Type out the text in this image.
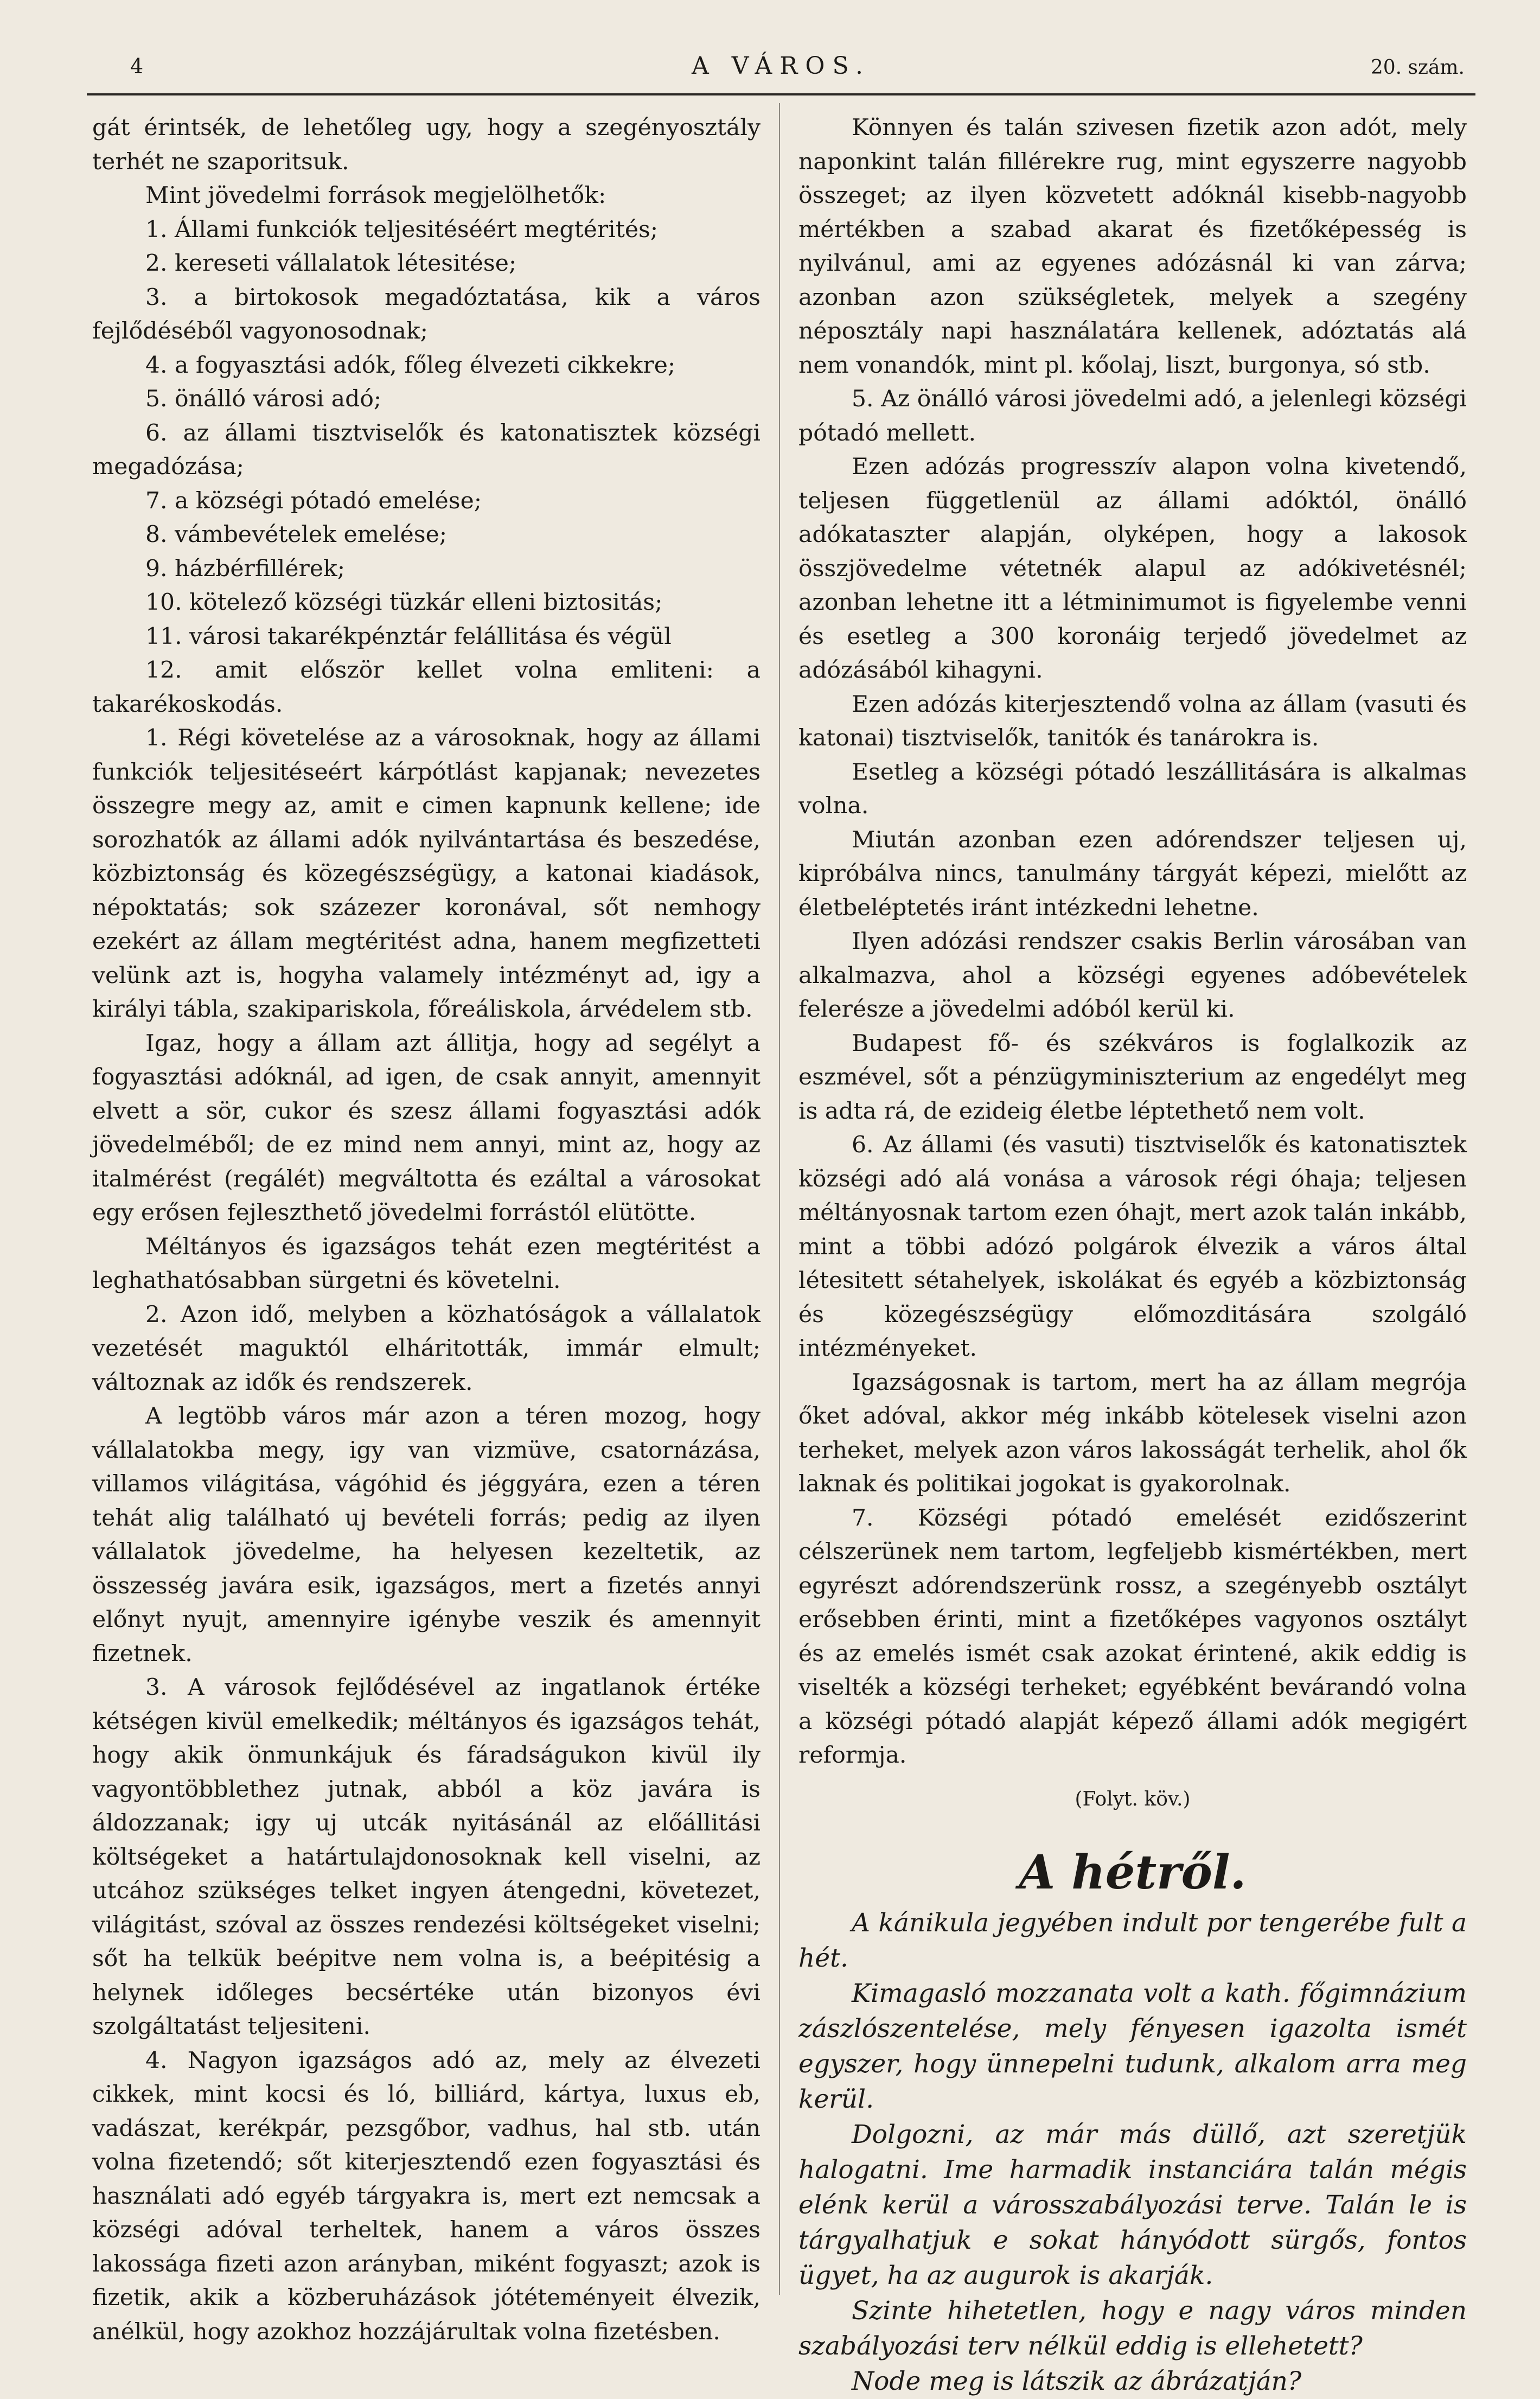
4	A VÁROS.	20. szám.

gát érintsék, de lehetőleg ugy, hogy a szegényosztály terhét ne szaporitsuk.

Mint jövedelmi források megjelölhetők:

1. Állami funkciók teljesitéséért megtérités;

2. kereseti vállalatok létesitése;

3. a birtokosok megadóztatása, kik a város fejlődéséből vagyonosodnak;

4. a fogyasztási adók, főleg élvezeti cikkekre;

5. önálló városi adó;

6. az állami tisztviselők és katonatisztek községi megadózása;

7. a községi pótadó emelése;

8. vámbevételek emelése;

9. házbérfillérek;

10. kötelező községi tüzkár elleni biztositás;

11. városi takarékpénztár felállitása és végül

12. amit először kellet volna emliteni: a takarékoskodás.

1. Régi követelése az a városoknak, hogy az állami funkciók teljesitéseért kárpótlást kapjanak; nevezetes összegre megy az, amit e cimen kapnunk kellene; ide sorozhatók az állami adók nyilvántartása és beszedése, közbiztonság és közegészségügy, a katonai kiadások, népoktatás; sok százezer koronával, sőt nemhogy ezekért az állam megtéritést adna, hanem megfizetteti velünk azt is, hogyha valamely intézményt ad, igy a királyi tábla, szakipariskola, főreáliskola, árvédelem stb.

Igaz, hogy a állam azt állitja, hogy ad segélyt a fogyasztási adóknál, ad igen, de csak annyit, amennyit elvett a sör, cukor és szesz állami fogyasztási adók jövedelméből; de ez mind nem annyi, mint az, hogy az italmérést (regálét) megváltotta és ezáltal a városokat egy erősen fejleszthető jövedelmi forrástól elütötte.

Méltányos és igazságos tehát ezen megtéritést a leghathatósabban sürgetni és követelni.

2. Azon idő, melyben a közhatóságok a vállalatok vezetését maguktól elháritották, immár elmult; változnak az idők és rendszerek.

A legtöbb város már azon a téren mozog, hogy vállalatokba megy, igy van vizmüve, csatornázása, villamos világitása, vágóhid és jéggyára, ezen a téren tehát alig található uj bevételi forrás; pedig az ilyen vállalatok jövedelme, ha helyesen kezeltetik, az összesség javára esik, igazságos, mert a fizetés annyi előnyt nyujt, amennyire igénybe veszik és amennyit fizetnek.

3. A városok fejlődésével az ingatlanok értéke kétségen kivül emelkedik; méltányos és igazságos tehát, hogy akik önmunkájuk és fáradságukon kivül ily vagyontöbblethez jutnak, abból a köz javára is áldozzanak; igy uj utcák nyitásánál az előállitási költségeket a határtulajdonosoknak kell viselni, az utcához szükséges telket ingyen átengedni, követezet, világitást, szóval az összes rendezési költségeket viselni; sőt ha telkük beépitve nem volna is, a beépitésig a helynek időleges becsértéke után bizonyos évi szolgáltatást teljesiteni.

4. Nagyon igazságos adó az, mely az élvezeti cikkek, mint kocsi és ló, billiárd, kártya, luxus eb, vadászat, kerékpár, pezsgőbor, vadhus, hal stb. után volna fizetendő; sőt kiterjesztendő ezen fogyasztási és használati adó egyéb tárgyakra is, mert ezt nemcsak a községi adóval terheltek, hanem a város összes lakossága fizeti azon arányban, miként fogyaszt; azok is fizetik, akik a közberuházások jótéteményeit élvezik, anélkül, hogy azokhoz hozzájárultak volna fizetésben.

Könnyen és talán szivesen fizetik azon adót, mely naponkint talán fillérekre rug, mint egyszerre nagyobb összeget; az ilyen közvetett adóknál kisebb-nagyobb mértékben a szabad akarat és fizetőképesség is nyilvánul, ami az egyenes adózásnál ki van zárva; azonban azon szükségletek, melyek a szegény néposztály napi használatára kellenek, adóztatás alá nem vonandók, mint pl. kőolaj, liszt, burgonya, só stb.

5. Az önálló városi jövedelmi adó, a jelenlegi községi pótadó mellett.

Ezen adózás progresszív alapon volna kivetendő, teljesen függetlenül az állami adóktól, önálló adókataszter alapján, olyképen, hogy a lakosok összjövedelme vétetnék alapul az adókivetésnél; azonban lehetne itt a létminimumot is figyelembe venni és esetleg a 300 koronáig terjedő jövedelmet az adózásából kihagyni.

Ezen adózás kiterjesztendő volna az állam (vasuti és katonai) tisztviselők, tanitók és tanárokra is.

Esetleg a községi pótadó leszállitására is alkalmas volna.

Miután azonban ezen adórendszer teljesen uj, kipróbálva nincs, tanulmány tárgyát képezi, mielőtt az életbeléptetés iránt intézkedni lehetne.

Ilyen adózási rendszer csakis Berlin városában van alkalmazva, ahol a községi egyenes adóbevételek felerésze a jövedelmi adóból kerül ki.

Budapest fő- és székváros is foglalkozik az eszmével, sőt a pénzügyminiszterium az engedélyt meg is adta rá, de ezideig életbe léptethető nem volt.

6. Az állami (és vasuti) tisztviselők és katonatisztek községi adó alá vonása a városok régi óhaja; teljesen méltányosnak tartom ezen óhajt, mert azok talán inkább, mint a többi adózó polgárok élvezik a város által létesitett sétahelyek, iskolákat és egyéb a közbiztonság és közegészségügy előmozditására szolgáló intézményeket.

Igazságosnak is tartom, mert ha az állam megrója őket adóval, akkor még inkább kötelesek viselni azon terheket, melyek azon város lakosságát terhelik, ahol ők laknak és politikai jogokat is gyakorolnak.

7. Községi pótadó emelését ezidőszerint célszerünek nem tartom, legfeljebb kismértékben, mert egyrészt adórendszerünk rossz, a szegényebb osztályt erősebben érinti, mint a fizetőképes vagyonos osztályt és az emelés ismét csak azokat érintené, akik eddig is viselték a községi terheket; egyébként bevárandó volna a községi pótadó alapját képező állami adók megigért reformja.

(Folyt. köv.)

A hétről.

A kánikula jegyében indult por tengerébe fult a hét.

Kimagasló mozzanata volt a kath. főgimnázium zászlószentelése, mely fényesen igazolta ismét egyszer, hogy ünnepelni tudunk, alkalom arra meg kerül.

Dolgozni, az már más düllő, azt szeretjük halogatni. Ime harmadik instanciára talán mégis elénk kerül a városszabályozási terve. Talán le is tárgyalhatjuk e sokat hányódott sürgős, fontos ügyet, ha az augurok is akarják.

Szinte hihetetlen, hogy e nagy város minden szabályozási terv nélkül eddig is ellehetett?

Node meg is látszik az ábrázatján?
